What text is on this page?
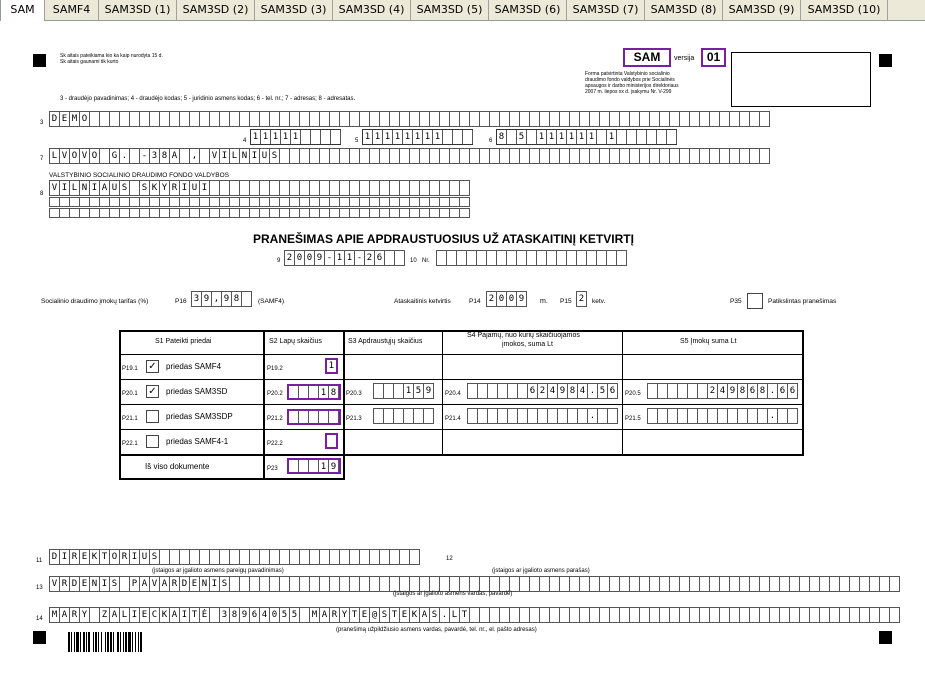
SAM	SAMF4	SAM3SD (1)	SAM3SD (2)	SAM3SD (3)	SAM3SD (4)	SAM3SD (5)	SAM3SD (6)	SAM3SD (7)	SAM3SD (8)	SAM3SD (9)	SAM3SD (10)
Sk aitais pateikiama kio ka kaip nurodyta 15 d.
Sk aitais gaunami tik kurto	SAM	versija	01
Forma patvirtinta Valstybinio socialinio
draudimo fondo valdybos prie Socialinės
apsaugos ir darbo ministerijos direktoriaus
2007 m. liepos xx d. įsakymu Nr. V-299
3 - draudėjo pavadinimas; 4 - draudėjo kodas; 5 - juridinio asmens kodas; 6 - tel. nr.; 7 - adresas; 8 - adresatas.
3 D E M O
4 1 1 1 1 1	5 1 1 1 1 1 1 1 1	6 8	5	1 1 1 1 1 1	1
7 L V O V O	G .	- 3 8 A	,	V I L N I U S
VALSTYBINIO SOCIALINIO DRAUDIMO FONDO VALDYBOS
8
V I L N I A U S	S K Y R I U I
PRANEŠIMAS APIE APDRAUSTUOSIUS UŽ ATASKAITINĮ KETVIRTĮ
9 2 0 0 9 - 1 1 - 2 6	10 Nr.
Socialinio draudimo įmokų tarifas (%)	P16 3 9 , 9 8	(SAMF4)	Ataskaitinis ketvirtis	P14 2 0 0 9	m. P15 2	ketv.	P35	Patikslintas pranešimas
S1 Pateikti priedai	S2 Lapų skaičius	S3 Apdraustųjų skaičius
S4 Pajamų, nuo kurių skaičiuojamos
įmokos, suma Lt	S5 Įmokų suma Lt
P19.1 ✓ priedas SAMF4	P19.2	1
P20.1 ✓ priedas SAM3SD	P20.2	1 8	P20.3	1 5 9	P20.4	6 2 4 9 8 4 . 5 6	P20.5	2 4 9 8 6 8 . 6 6
P21.1	priedas SAM3SDP	P21.2	P21.3	P21.4	.	P21.5	.
P22.1	priedas SAMF4-1	P22.2
Iš viso dokumente	P23	1 9
11 D I R E K T O R I U S
(įstaigos ar įgalioto asmens pareigų pavadinimas)
12
(įstaigos ar įgalioto asmens parašas)
13 V R D E N I S	P A V A R D E N I S
(įstaigos ar įgalioto asmens vardas, pavardė)
14 M A R Y	Z A L I E C K A I T Ė	3 8 9 6 4 0 5 5	M A R Y T E @ S T E K A S . L T
(pranešimą užpildžiusio asmens vardas, pavardė, tel. nr., el. pašto adresas)
